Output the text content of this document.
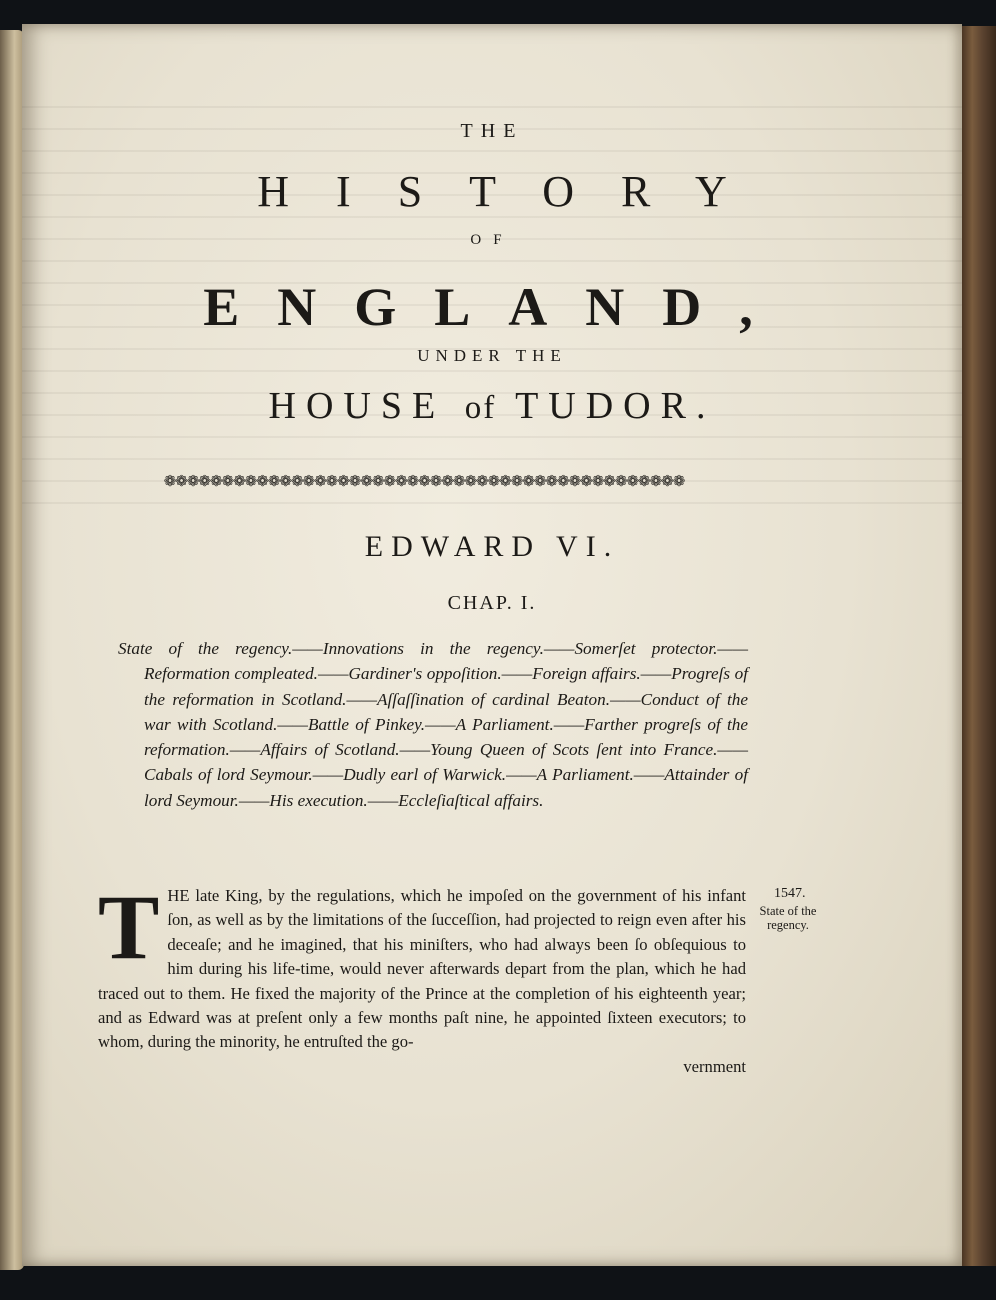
THE
HISTORY
OF
ENGLAND,
UNDER THE
HOUSE of TUDOR.
❁❁❁❁❁❁❁❁❁❁❁❁❁❁❁❁❁❁❁❁❁❁❁❁❁❁❁❁❁❁❁❁❁❁❁❁❁❁❁❁❁❁❁❁❁
EDWARD VI.
CHAP. I.
State of the regency.——Innovations in the regency.——Somerſet protector.——Reformation compleated.——Gardiner's oppoſition.——Foreign affairs.——Progreſs of the reformation in Scotland.——Aſſaſſination of cardinal Beaton.——Conduct of the war with Scotland.——Battle of Pinkey.——A Parliament.——Farther progreſs of the reformation.——Affairs of Scotland.——Young Queen of Scots ſent into France.——Cabals of lord Seymour.——Dudly earl of Warwick.——A Parliament.——Attainder of lord Seymour.——His execution.——Eccleſiaſtical affairs.
THE late King, by the regulations, which he impoſed on the government of his infant ſon, as well as by the limitations of the ſucceſſion, had projected to reign even after his deceaſe; and he imagined, that his miniſters, who had always been ſo obſequious to him during his life-time, would never afterwards depart from the plan, which he had traced out to them. He fixed the majority of the Prince at the completion of his eighteenth year; and as Edward was at preſent only a few months paſt nine, he appointed ſixteen executors; to whom, during the minority, he entruſted the go-
vernment
1547.
State of the regency.
